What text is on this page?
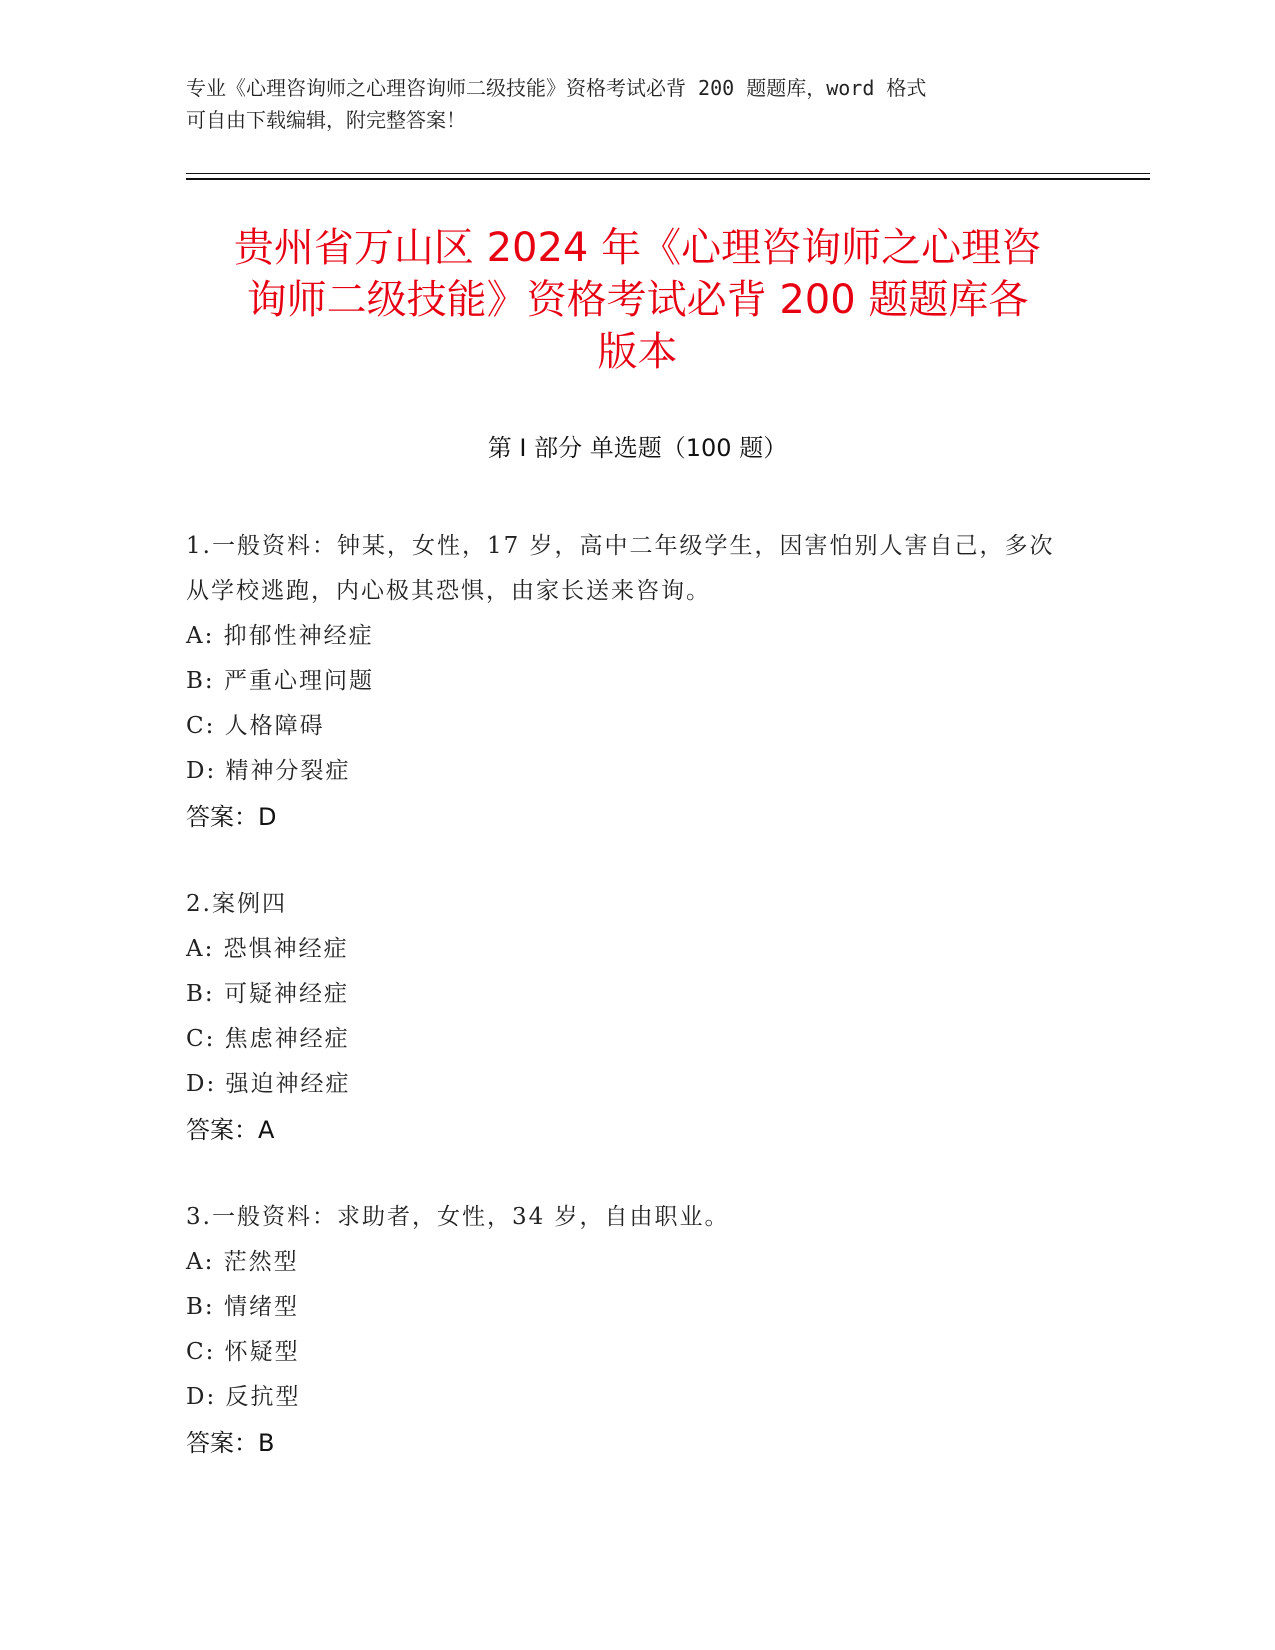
专业《心理咨询师之心理咨询师二级技能》资格考试必背 200 题题库，word 格式
可自由下载编辑，附完整答案！
贵州省万山区 2024 年《心理咨询师之心理咨
询师二级技能》资格考试必背 200 题题库各
版本
第 I 部分 单选题（100 题）

1.一般资料：钟某，女性，17 岁，高中二年级学生，因害怕别人害自己，多次从学校逃跑，内心极其恐惧，由家长送来咨询。

A: 抑郁性神经症

B: 严重心理问题

C: 人格障碍

D: 精神分裂症

答案：D

2.案例四

A: 恐惧神经症

B: 可疑神经症

C: 焦虑神经症

D: 强迫神经症

答案：A

3.一般资料：求助者，女性，34 岁，自由职业。

A: 茫然型

B: 情绪型

C: 怀疑型

D: 反抗型

答案：B
